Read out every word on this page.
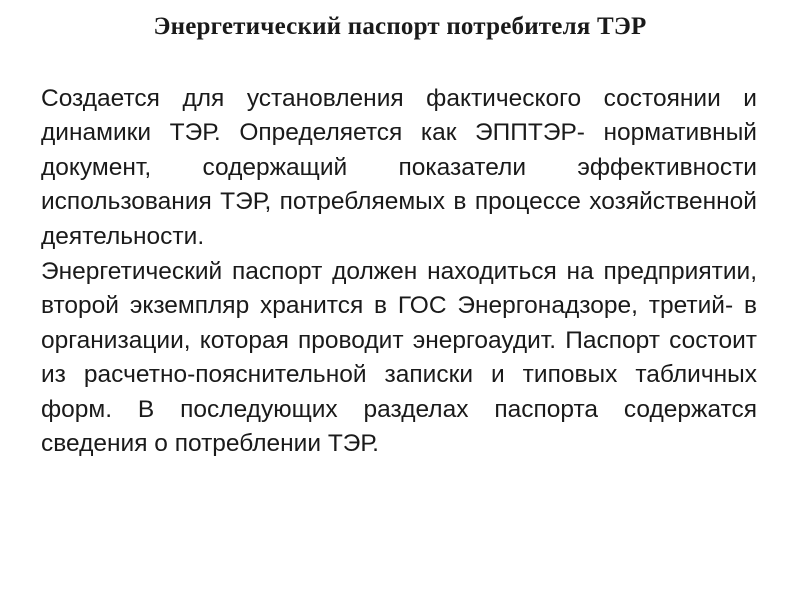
Энергетический паспорт потребителя ТЭР

Создается для установления фактического состоянии и динамики ТЭР. Определяется как ЭППТЭР- нормативный документ, содержащий показатели эффективности использования ТЭР, потребляемых в процессе хозяйственной деятельности.

Энергетический паспорт должен находиться на предприятии, второй экземпляр хранится в ГОС Энергонадзоре, третий- в организации, которая проводит энергоаудит. Паспорт состоит из расчетно-пояснительной записки и типовых табличных форм. В последующих разделах паспорта содержатся сведения о потреблении ТЭР.
